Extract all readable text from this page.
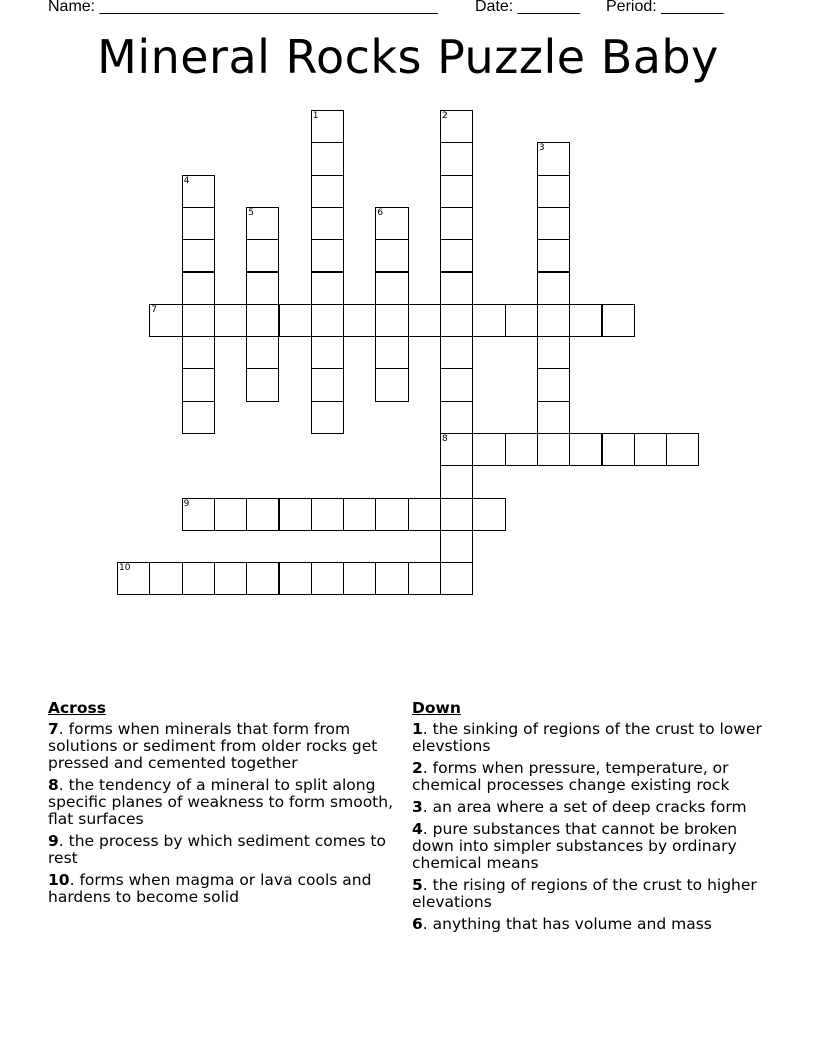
Name: ______________________________________ Date: _______ Period: _______
Mineral Rocks Puzzle Baby
1	2
8
3
4
5	6
7
9
10
Across
7. forms when minerals that form from solutions or sediment from older rocks get pressed and cemented together
8. the tendency of a mineral to split along specific planes of weakness to form smooth, flat surfaces
9. the process by which sediment comes to rest
10. forms when magma or lava cools and hardens to become solid
Down
1. the sinking of regions of the crust to lower elevstions
2. forms when pressure, temperature, or chemical processes change existing rock
3. an area where a set of deep cracks form
4. pure substances that cannot be broken down into simpler substances by ordinary chemical means
5. the rising of regions of the crust to higher elevations
6. anything that has volume and mass
